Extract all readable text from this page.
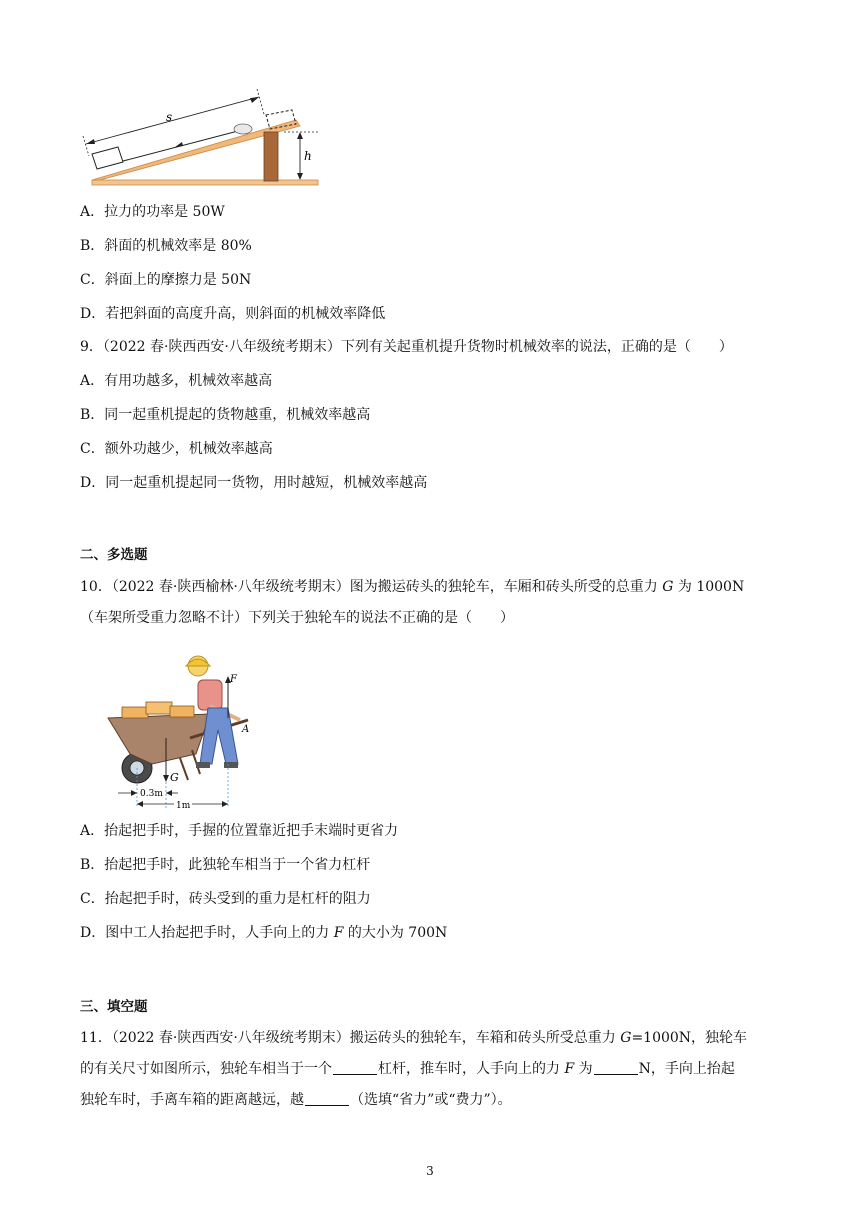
s
h
A．拉力的功率是 50W
B．斜面的机械效率是 80%
C．斜面上的摩擦力是 50N
D．若把斜面的高度升高，则斜面的机械效率降低
9．（2022 春·陕西西安·八年级统考期末）下列有关起重机提升货物时机械效率的说法，正确的是（　　）
A．有用功越多，机械效率越高
B．同一起重机提起的货物越重，机械效率越高
C．额外功越少，机械效率越高
D．同一起重机提起同一货物，用时越短，机械效率越高
二、多选题
10．（2022 春·陕西榆林·八年级统考期末）图为搬运砖头的独轮车，车厢和砖头所受的总重力 G 为 1000N
（车架所受重力忽略不计）下列关于独轮车的说法不正确的是（　　）
F
A
G
0.3m
1m
A．抬起把手时，手握的位置靠近把手末端时更省力
B．抬起把手时，此独轮车相当于一个省力杠杆
C．抬起把手时，砖头受到的重力是杠杆的阻力
D．图中工人抬起把手时，人手向上的力 F 的大小为 700N
三、填空题
11．（2022 春·陕西西安·八年级统考期末）搬运砖头的独轮车，车箱和砖头所受总重力 G=1000N，独轮车
的有关尺寸如图所示，独轮车相当于一个	杠杆，推车时，人手向上的力 F 为	N，手向上抬起
独轮车时，手离车箱的距离越远，越	（选填“省力”或“费力”）。
3
